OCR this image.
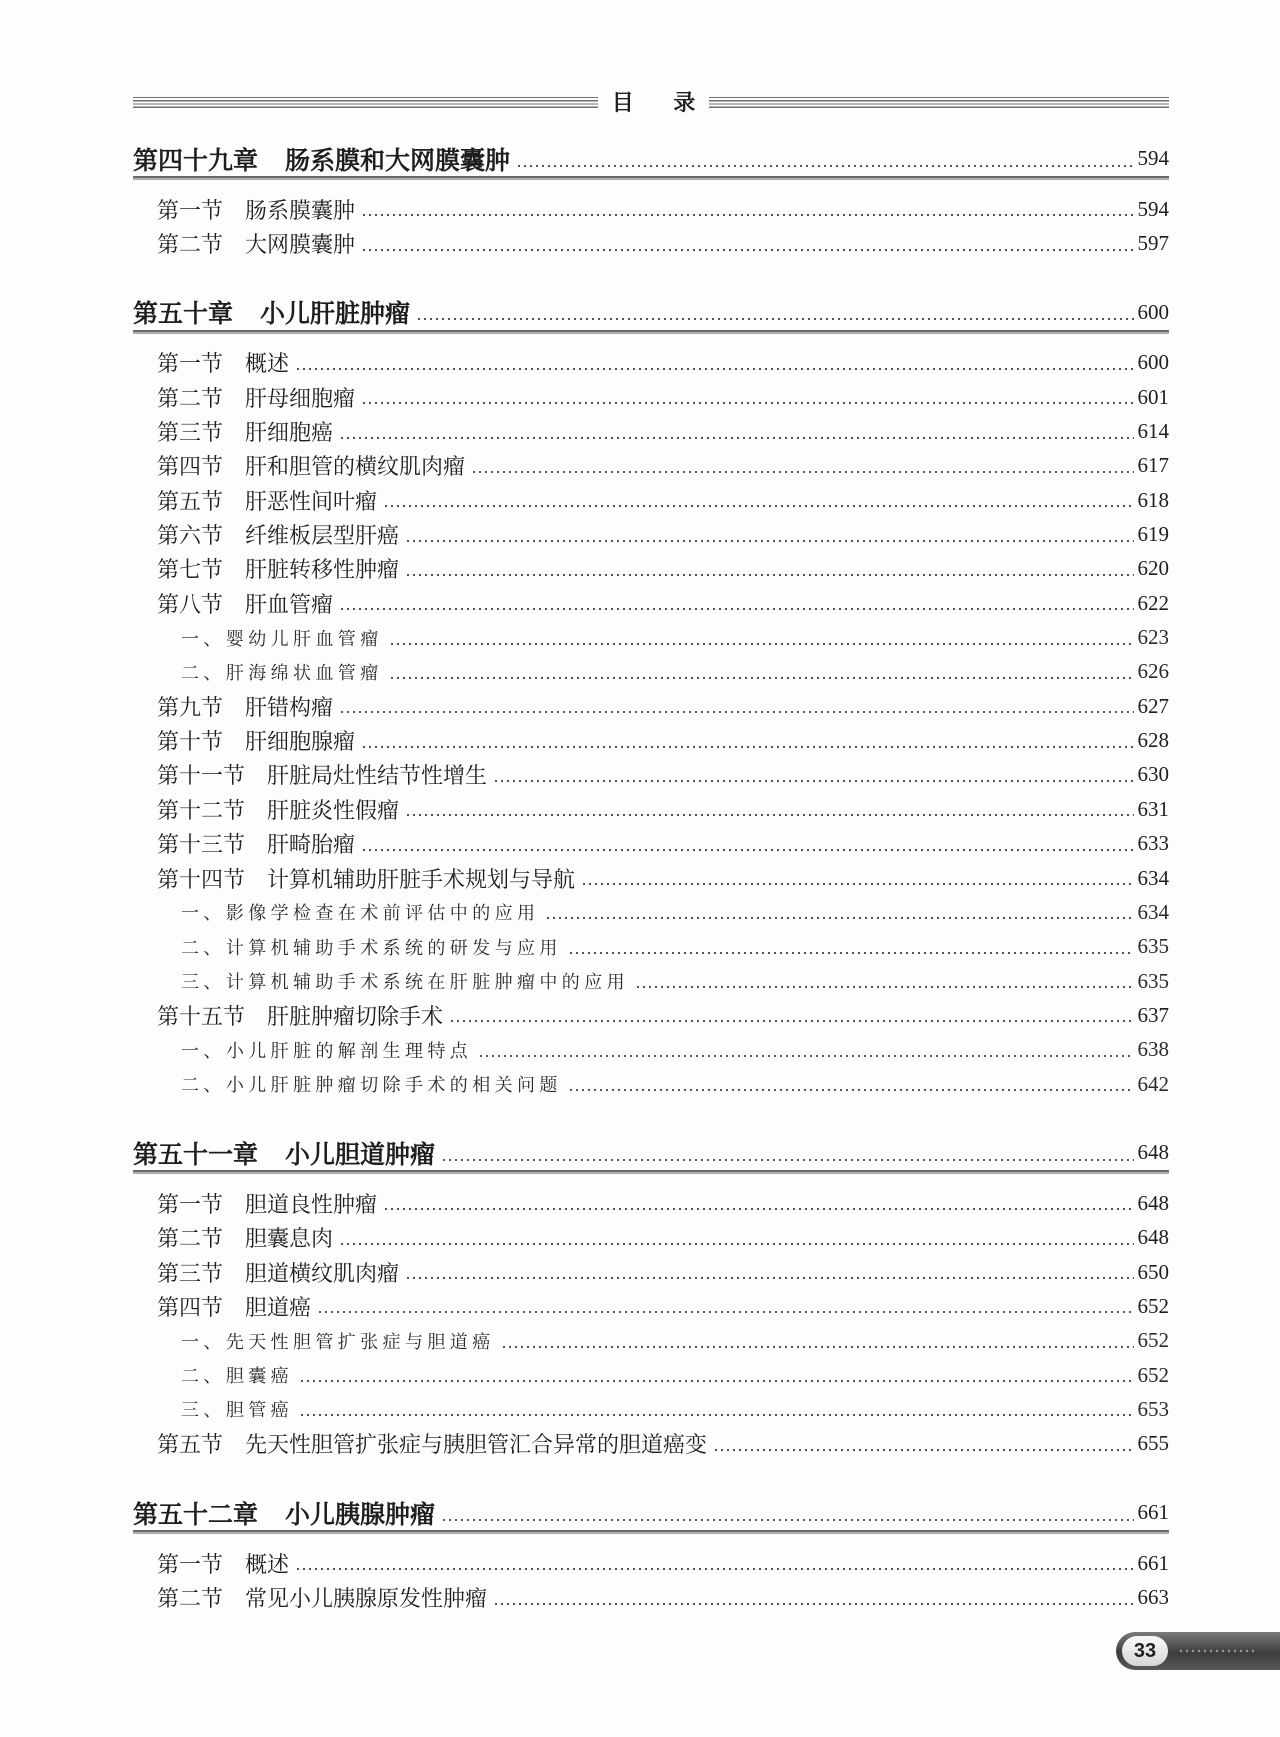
目 录
第四十九章 肠系膜和大网膜囊肿	594
第一节 肠系膜囊肿	594
第二节 大网膜囊肿	597
第五十章 小儿肝脏肿瘤	600
第一节 概述	600
第二节 肝母细胞瘤	601
第三节 肝细胞癌	614
第四节 肝和胆管的横纹肌肉瘤	617
第五节 肝恶性间叶瘤	618
第六节 纤维板层型肝癌	619
第七节 肝脏转移性肿瘤	620
第八节 肝血管瘤	622
一、 婴幼儿肝血管瘤	623
二、 肝海绵状血管瘤	626
第九节 肝错构瘤	627
第十节 肝细胞腺瘤	628
第十一节 肝脏局灶性结节性增生	630
第十二节 肝脏炎性假瘤	631
第十三节 肝畸胎瘤	633
第十四节 计算机辅助肝脏手术规划与导航	634
一、 影像学检查在术前评估中的应用	634
二、 计算机辅助手术系统的研发与应用	635
三、 计算机辅助手术系统在肝脏肿瘤中的应用	635
第十五节 肝脏肿瘤切除手术	637
一、 小儿肝脏的解剖生理特点	638
二、 小儿肝脏肿瘤切除手术的相关问题	642
第五十一章 小儿胆道肿瘤	648
第一节 胆道良性肿瘤	648
第二节 胆囊息肉	648
第三节 胆道横纹肌肉瘤	650
第四节 胆道癌	652
一、 先天性胆管扩张症与胆道癌	652
二、 胆囊癌	652
三、 胆管癌	653
第五节 先天性胆管扩张症与胰胆管汇合异常的胆道癌变	655
第五十二章 小儿胰腺肿瘤	661
第一节 概述	661
第二节 常见小儿胰腺原发性肿瘤	663
33
